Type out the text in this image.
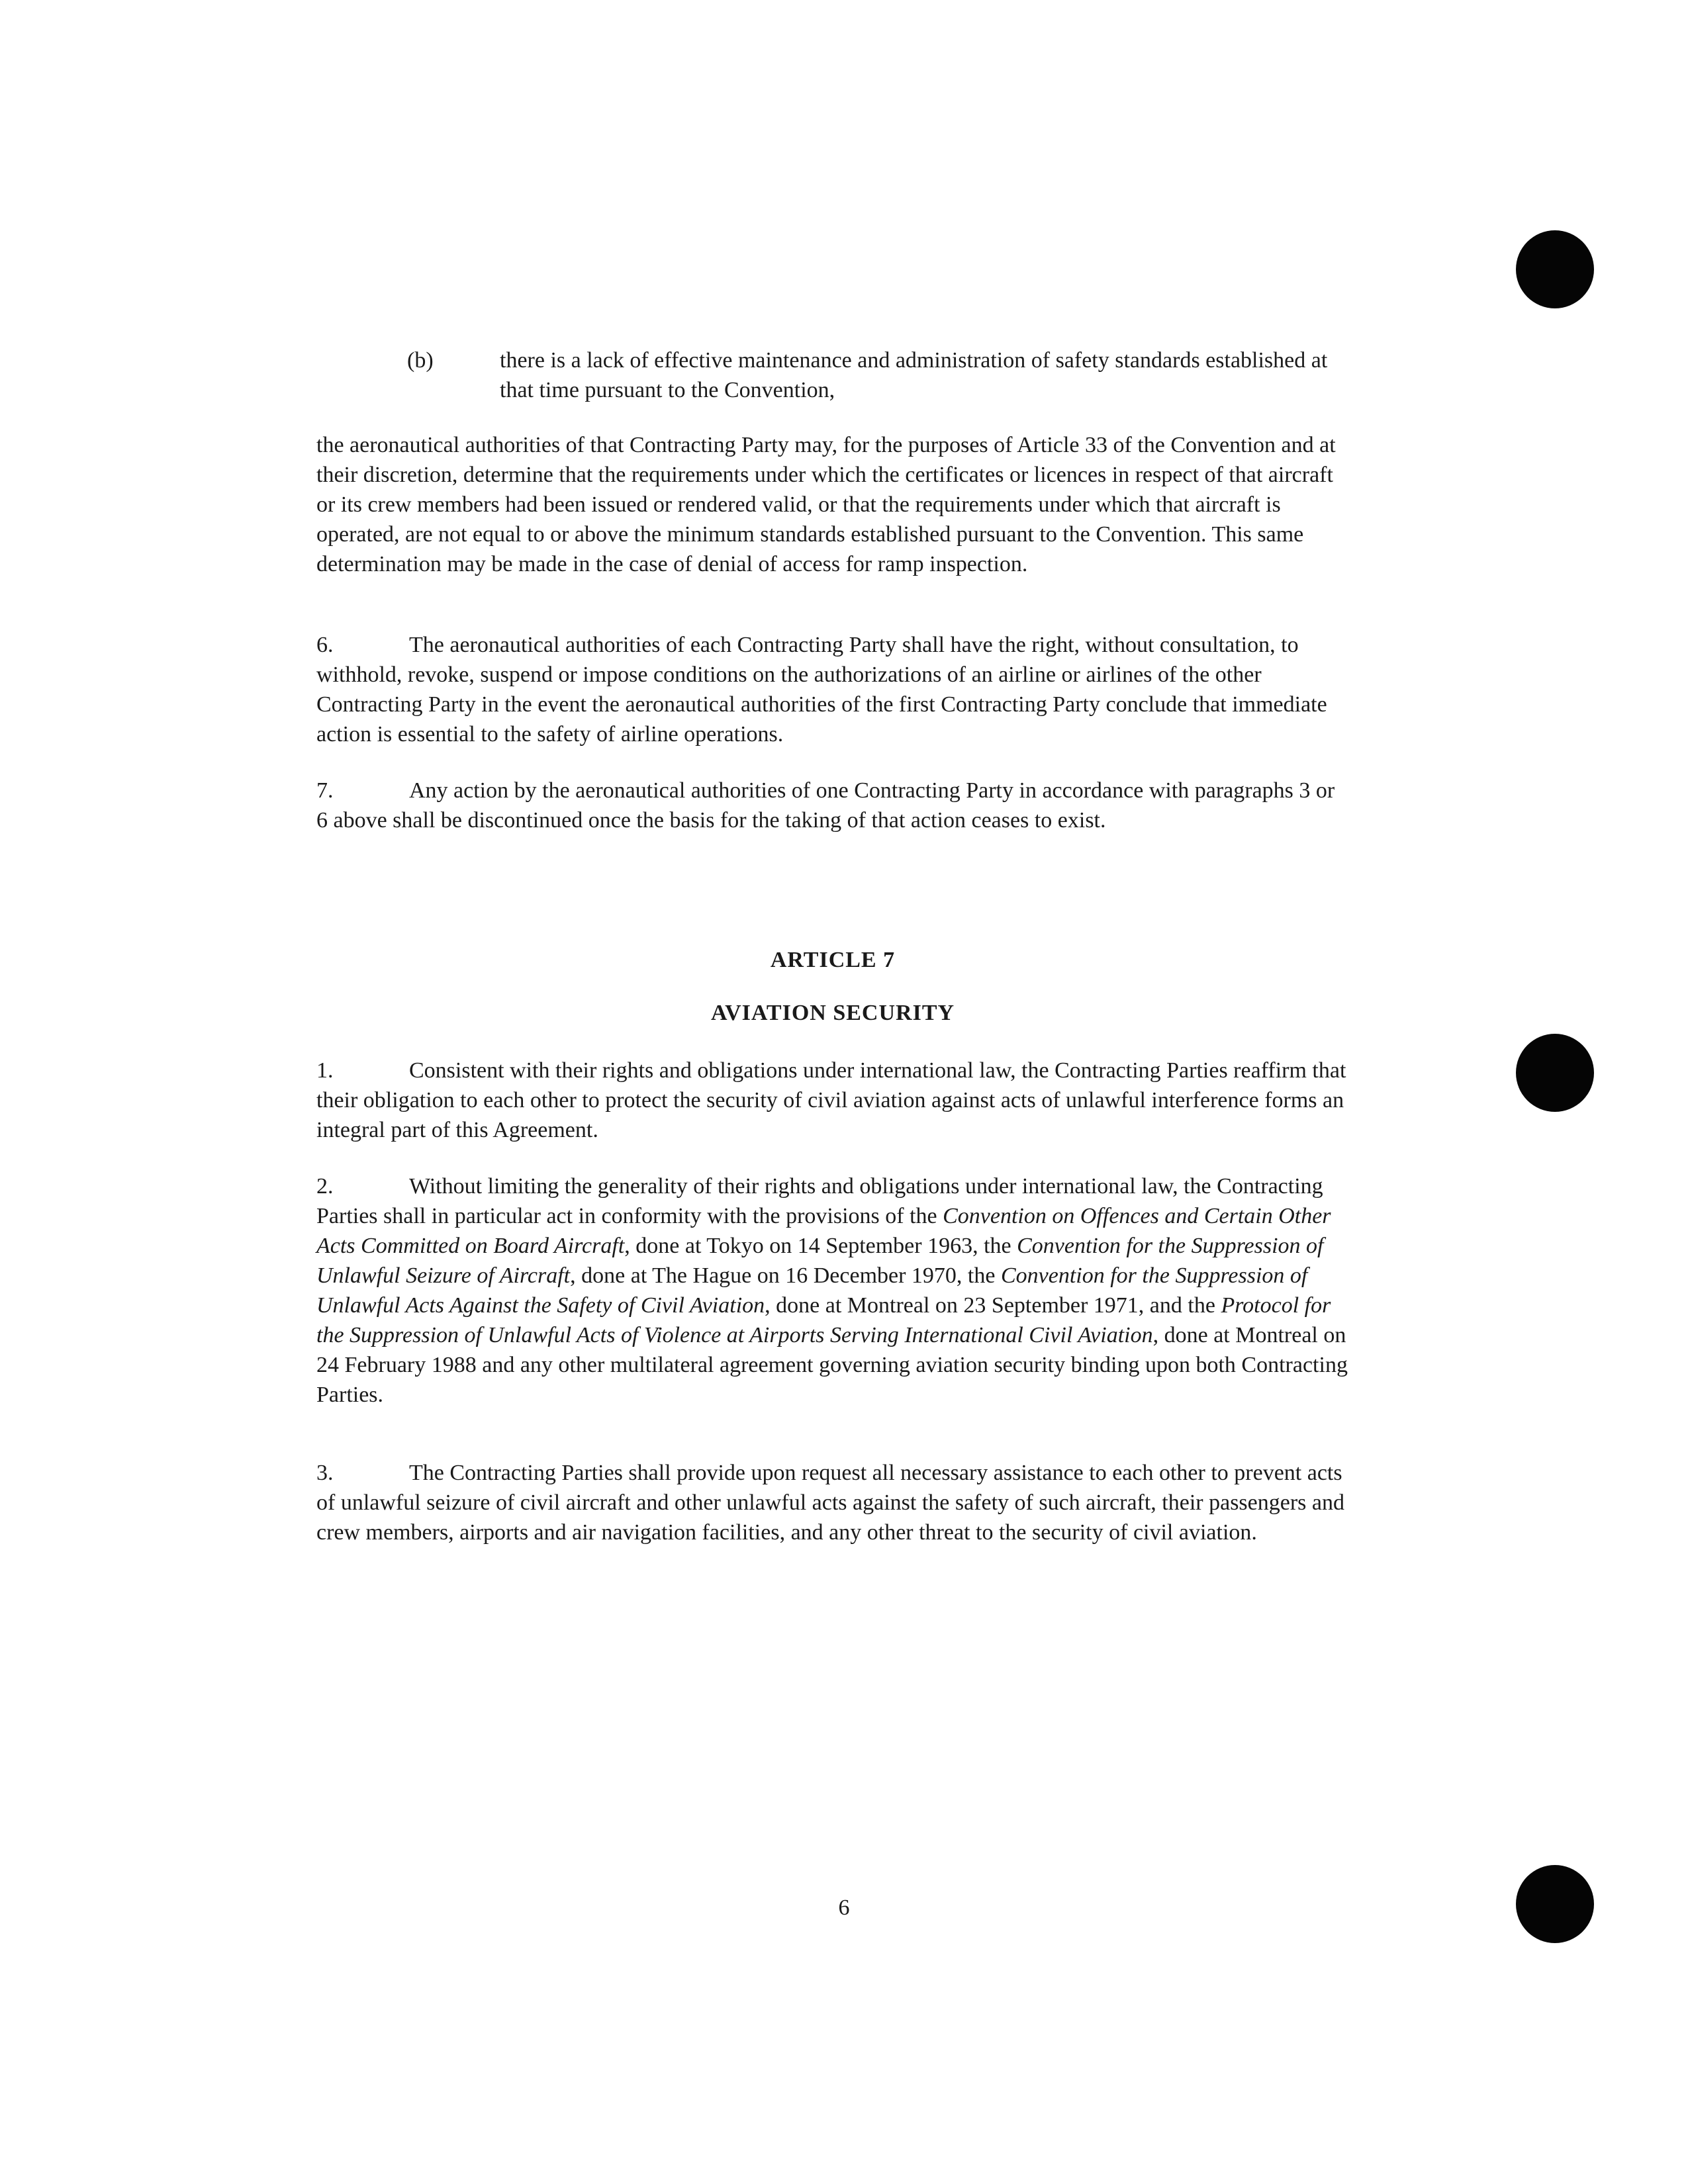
(b)	there is a lack of effective maintenance and administration of safety standards established at that time pursuant to the Convention,

the aeronautical authorities of that Contracting Party may, for the purposes of Article 33 of the Convention and at their discretion, determine that the requirements under which the certificates or licences in respect of that aircraft or its crew members had been issued or rendered valid, or that the requirements under which that aircraft is operated, are not equal to or above the minimum standards established pursuant to the Convention. This same determination may be made in the case of denial of access for ramp inspection.

6.	The aeronautical authorities of each Contracting Party shall have the right, without consultation, to withhold, revoke, suspend or impose conditions on the authorizations of an airline or airlines of the other Contracting Party in the event the aeronautical authorities of the first Contracting Party conclude that immediate action is essential to the safety of airline operations.

7.	Any action by the aeronautical authorities of one Contracting Party in accordance with paragraphs 3 or 6 above shall be discontinued once the basis for the taking of that action ceases to exist.

ARTICLE 7
AVIATION SECURITY

1.	Consistent with their rights and obligations under international law, the Contracting Parties reaffirm that their obligation to each other to protect the security of civil aviation against acts of unlawful interference forms an integral part of this Agreement.

2.	Without limiting the generality of their rights and obligations under international law, the Contracting Parties shall in particular act in conformity with the provisions of the Convention on Offences and Certain Other Acts Committed on Board Aircraft, done at Tokyo on 14 September 1963, the Convention for the Suppression of Unlawful Seizure of Aircraft, done at The Hague on 16 December 1970, the Convention for the Suppression of Unlawful Acts Against the Safety of Civil Aviation, done at Montreal on 23 September 1971, and the Protocol for the Suppression of Unlawful Acts of Violence at Airports Serving International Civil Aviation, done at Montreal on 24 February 1988 and any other multilateral agreement governing aviation security binding upon both Contracting Parties.

3.	The Contracting Parties shall provide upon request all necessary assistance to each other to prevent acts of unlawful seizure of civil aircraft and other unlawful acts against the safety of such aircraft, their passengers and crew members, airports and air navigation facilities, and any other threat to the security of civil aviation.

6
